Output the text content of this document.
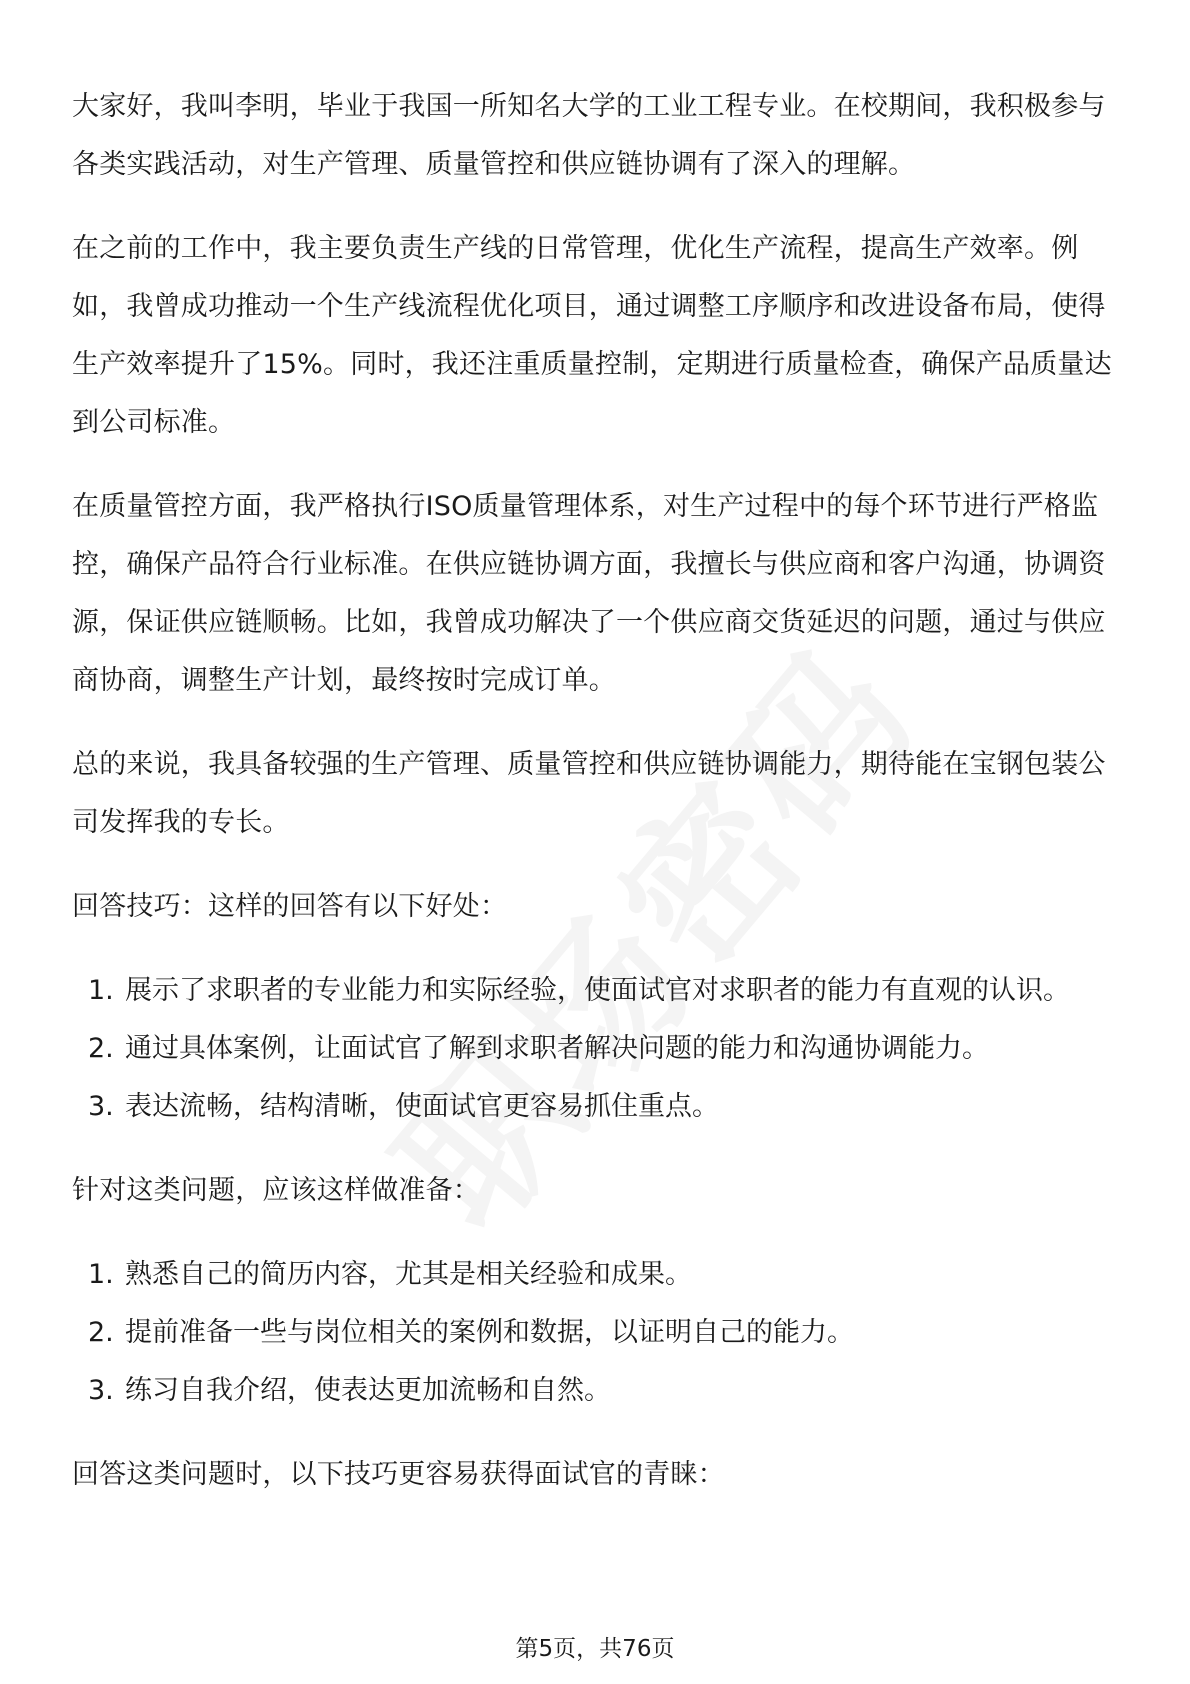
大家好，我叫李明，毕业于我国一所知名大学的工业工程专业。在校期间，我积极参与各类实践活动，对生产管理、质量管控和供应链协调有了深入的理解。

在之前的工作中，我主要负责生产线的日常管理，优化生产流程，提高生产效率。例如，我曾成功推动一个生产线流程优化项目，通过调整工序顺序和改进设备布局，使得生产效率提升了15%。同时，我还注重质量控制，定期进行质量检查，确保产品质量达到公司标准。

在质量管控方面，我严格执行ISO质量管理体系，对生产过程中的每个环节进行严格监控，确保产品符合行业标准。在供应链协调方面，我擅长与供应商和客户沟通，协调资源，保证供应链顺畅。比如，我曾成功解决了一个供应商交货延迟的问题，通过与供应商协商，调整生产计划，最终按时完成订单。

总的来说，我具备较强的生产管理、质量管控和供应链协调能力，期待能在宝钢包装公司发挥我的专长。

回答技巧：这样的回答有以下好处：

1. 展示了求职者的专业能力和实际经验，使面试官对求职者的能力有直观的认识。
2. 通过具体案例，让面试官了解到求职者解决问题的能力和沟通协调能力。
3. 表达流畅，结构清晰，使面试官更容易抓住重点。

针对这类问题，应该这样做准备：

1. 熟悉自己的简历内容，尤其是相关经验和成果。
2. 提前准备一些与岗位相关的案例和数据，以证明自己的能力。
3. 练习自我介绍，使表达更加流畅和自然。

回答这类问题时，以下技巧更容易获得面试官的青睐：

第5页，共76页
